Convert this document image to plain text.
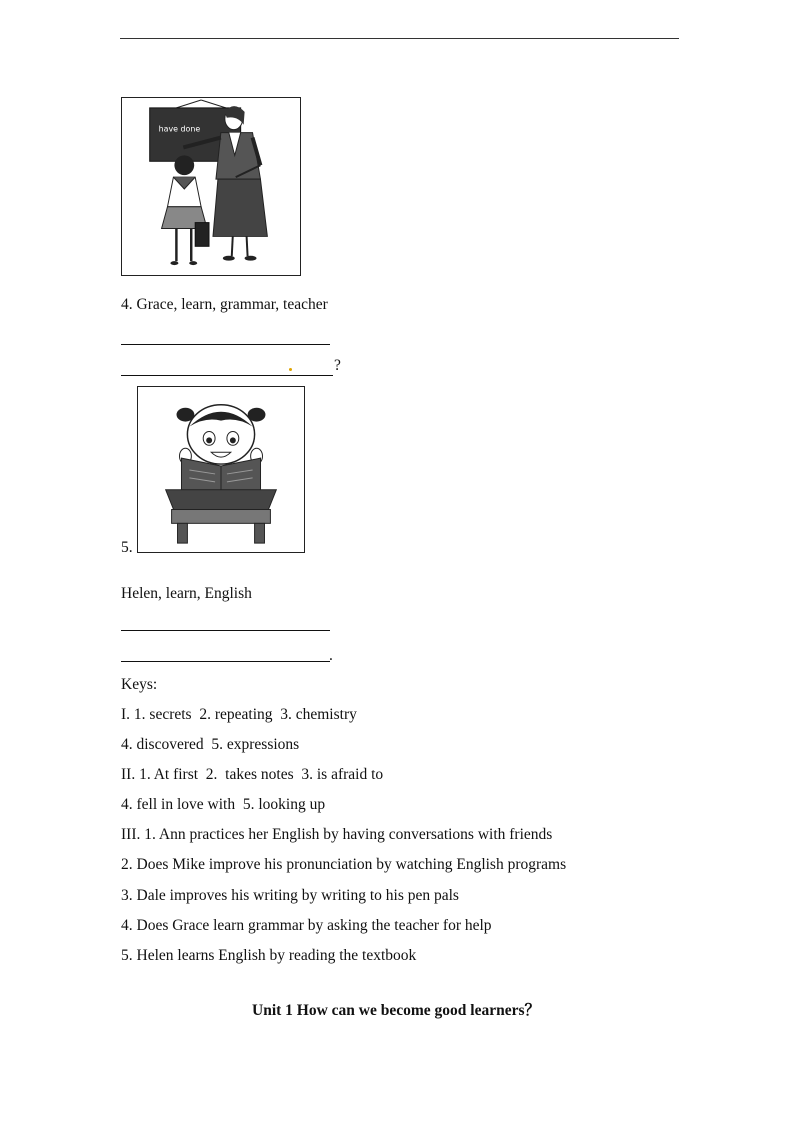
have done
4. Grace, learn, grammar, teacher
?
5.
Helen, learn, English
.
Keys:
I. 1. secrets  2. repeating  3. chemistry
4. discovered  5. expressions
II. 1. At first  2.  takes notes  3. is afraid to
4. fell in love with  5. looking up
III. 1. Ann practices her English by having conversations with friends
2. Does Mike improve his pronunciation by watching English programs
3. Dale improves his writing by writing to his pen pals
4. Does Grace learn grammar by asking the teacher for help
5. Helen learns English by reading the textbook
Unit 1 How can we become good learners？
